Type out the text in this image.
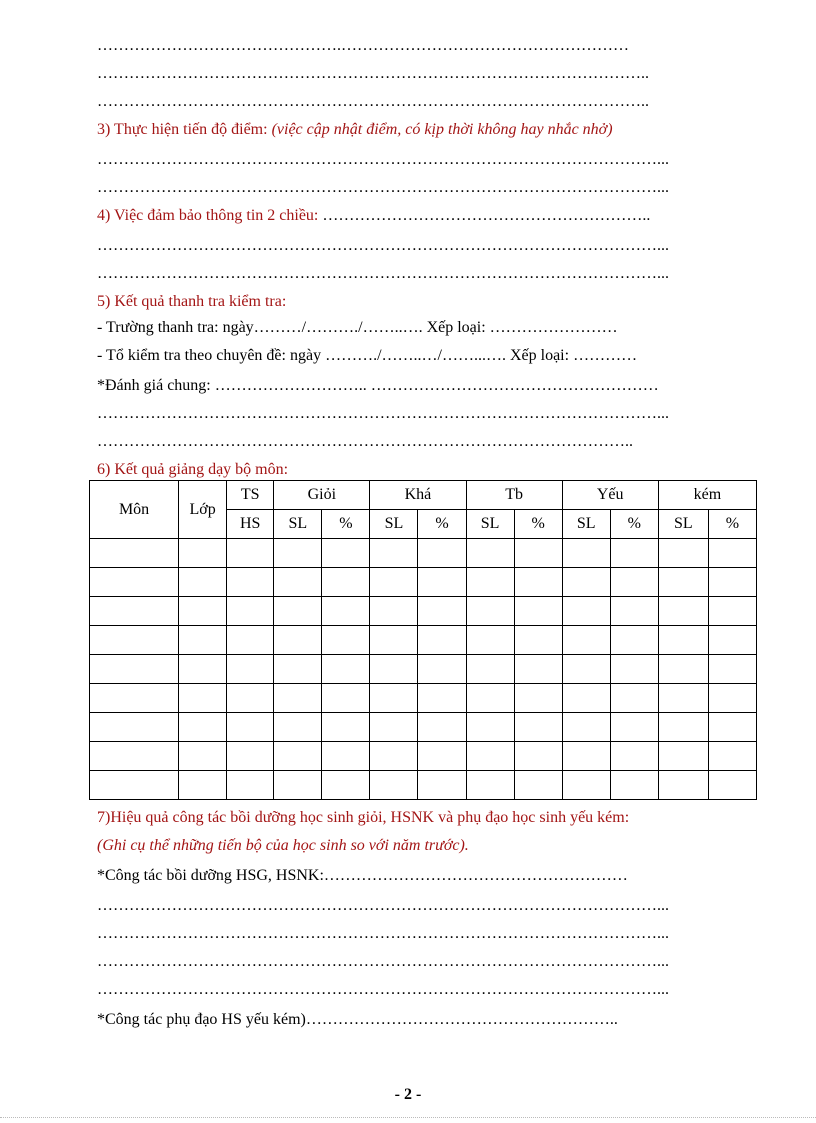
……………………………………….………………………………………………
…………………………………………………………………………………………..
…………………………………………………………………………………………..
3) Thực hiện tiến độ điểm: (việc cập nhật điểm, có kịp thời không hay nhắc nhở)
……………………………………………………………………………………………...
……………………………………………………………………………………………...
4) Việc đảm bảo thông tin 2 chiều: ……………………………………………………..
……………………………………………………………………………………………...
……………………………………………………………………………………………...
5) Kết quả thanh tra kiểm tra:
- Trường thanh tra: ngày………/………./……..…. Xếp loại: ……………………
- Tổ kiểm tra theo chuyên đề: ngày ………./……..…/……...…. Xếp loại: …………
*Đánh giá chung: ……………………….. ………………………………………………
……………………………………………………………………………………………...
………………………………………………………………………………………..
6) Kết quả giảng dạy bộ môn:
Môn	Lớp	TS	Giỏi		Khá		Tb		Yếu		kém	
		HS	SL	%	SL	%	SL	%	SL	%	SL	%

7)Hiệu quả công tác bồi dưỡng học sinh giỏi, HSNK và phụ đạo học sinh yếu kém:
(Ghi cụ thể những tiến bộ của học sinh so với năm trước).
*Công tác bồi dưỡng HSG, HSNK:…………………………………………………
……………………………………………………………………………………………...
……………………………………………………………………………………………...
……………………………………………………………………………………………...
……………………………………………………………………………………………...
*Công tác phụ đạo HS yếu kém)…………………………………………………..
- 2 -
